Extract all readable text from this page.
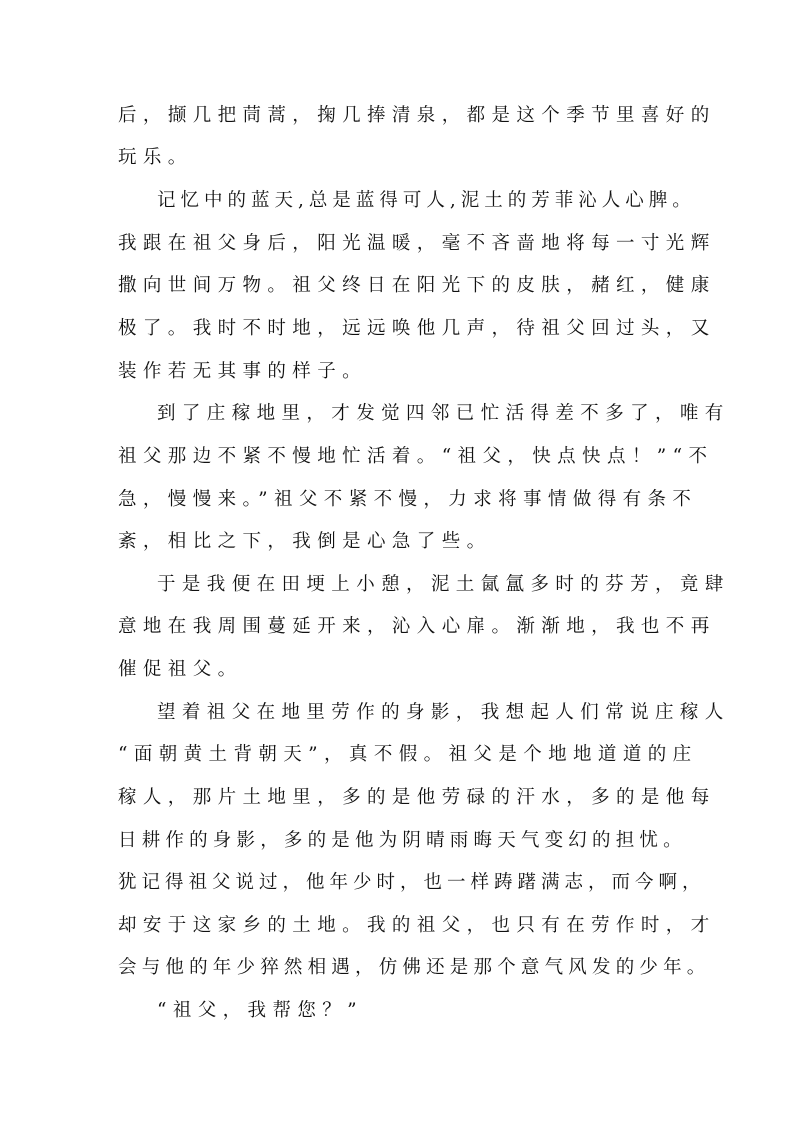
后，撷几把茼蒿，掬几捧清泉，都是这个季节里喜好的
玩乐。
记忆中的蓝天,总是蓝得可人,泥土的芳菲沁人心脾。
我跟在祖父身后，阳光温暖，毫不吝啬地将每一寸光辉
撒向世间万物。祖父终日在阳光下的皮肤，赭红，健康
极了。我时不时地，远远唤他几声，待祖父回过头，又
装作若无其事的样子。
到了庄稼地里，才发觉四邻已忙活得差不多了，唯有
祖父那边不紧不慢地忙活着。“祖父，快点快点！”“不
急，慢慢来。”祖父不紧不慢，力求将事情做得有条不
紊，相比之下，我倒是心急了些。
于是我便在田埂上小憩，泥土氤氲多时的芬芳，竟肆
意地在我周围蔓延开来，沁入心扉。渐渐地，我也不再
催促祖父。
望着祖父在地里劳作的身影，我想起人们常说庄稼人
“面朝黄土背朝天”，真不假。祖父是个地地道道的庄
稼人，那片土地里，多的是他劳碌的汗水，多的是他每
日耕作的身影，多的是他为阴晴雨晦天气变幻的担忧。
犹记得祖父说过，他年少时，也一样踌躇满志，而今啊，
却安于这家乡的土地。我的祖父，也只有在劳作时，才
会与他的年少猝然相遇，仿佛还是那个意气风发的少年。
“祖父，我帮您？”
